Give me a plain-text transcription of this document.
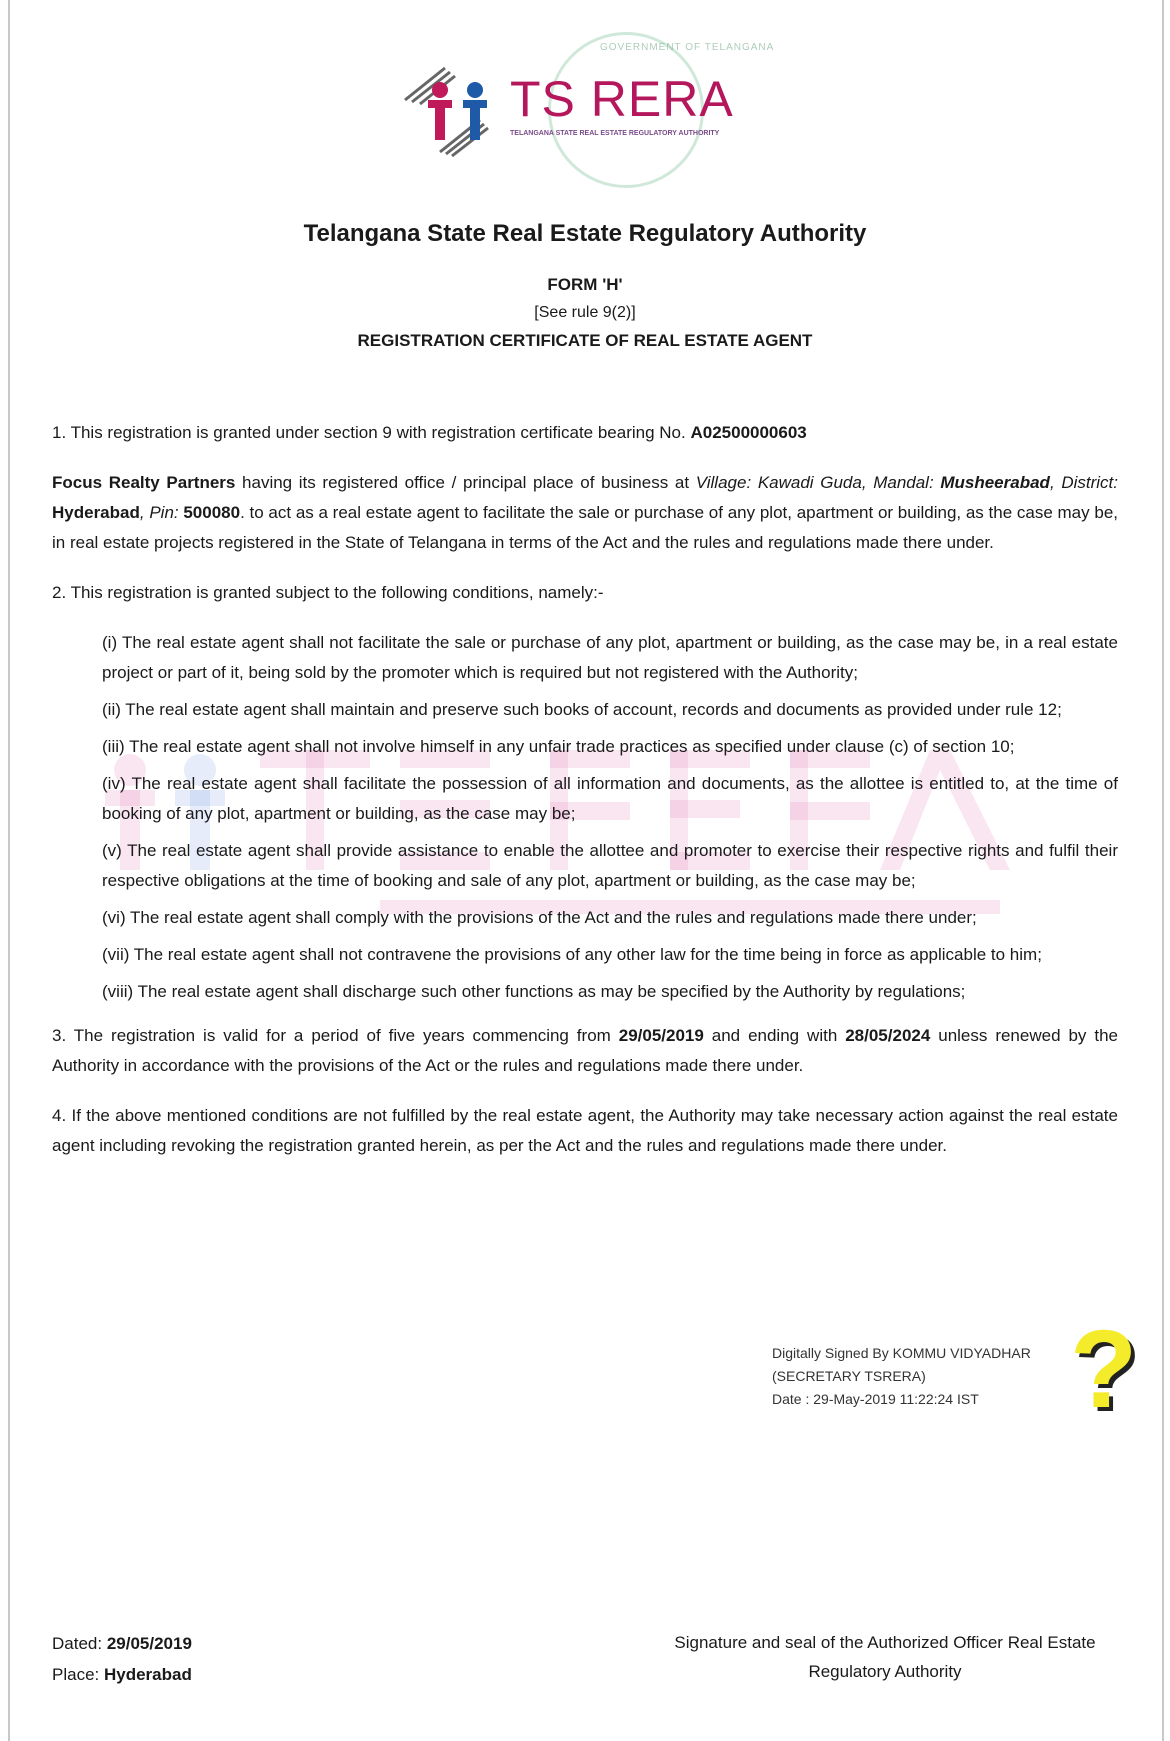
GOVERNMENT OF TELANGANA
TS RERA
TELANGANA STATE REAL ESTATE REGULATORY AUTHORITY
Telangana State Real Estate Regulatory Authority
FORM 'H'
[See rule 9(2)]
REGISTRATION CERTIFICATE OF REAL ESTATE AGENT

1. This registration is granted under section 9 with registration certificate bearing No. A02500000603

Focus Realty Partners having its registered office / principal place of business at Village: Kawadi Guda, Mandal: Musheerabad, District: Hyderabad, Pin: 500080. to act as a real estate agent to facilitate the sale or purchase of any plot, apartment or building, as the case may be, in real estate projects registered in the State of Telangana in terms of the Act and the rules and regulations made there under.

2. This registration is granted subject to the following conditions, namely:-

(i) The real estate agent shall not facilitate the sale or purchase of any plot, apartment or building, as the case may be, in a real estate project or part of it, being sold by the promoter which is required but not registered with the Authority;

(ii) The real estate agent shall maintain and preserve such books of account, records and documents as provided under rule 12;

(iii) The real estate agent shall not involve himself in any unfair trade practices as specified under clause (c) of section 10;

(iv) The real estate agent shall facilitate the possession of all information and documents, as the allottee is entitled to, at the time of booking of any plot, apartment or building, as the case may be;

(v) The real estate agent shall provide assistance to enable the allottee and promoter to exercise their respective rights and fulfil their respective obligations at the time of booking and sale of any plot, apartment or building, as the case may be;

(vi) The real estate agent shall comply with the provisions of the Act and the rules and regulations made there under;

(vii) The real estate agent shall not contravene the provisions of any other law for the time being in force as applicable to him;

(viii) The real estate agent shall discharge such other functions as may be specified by the Authority by regulations;

3. The registration is valid for a period of five years commencing from 29/05/2019 and ending with 28/05/2024 unless renewed by the Authority in accordance with the provisions of the Act or the rules and regulations made there under.

4. If the above mentioned conditions are not fulfilled by the real estate agent, the Authority may take necessary action against the real estate agent including revoking the registration granted herein, as per the Act and the rules and regulations made there under.

Digitally Signed By KOMMU VIDYADHAR
(SECRETARY TSRERA)
Date : 29-May-2019 11:22:24 IST ?
Dated: 29/05/2019
Place: Hyderabad
Signature and seal of the Authorized Officer Real Estate Regulatory Authority
